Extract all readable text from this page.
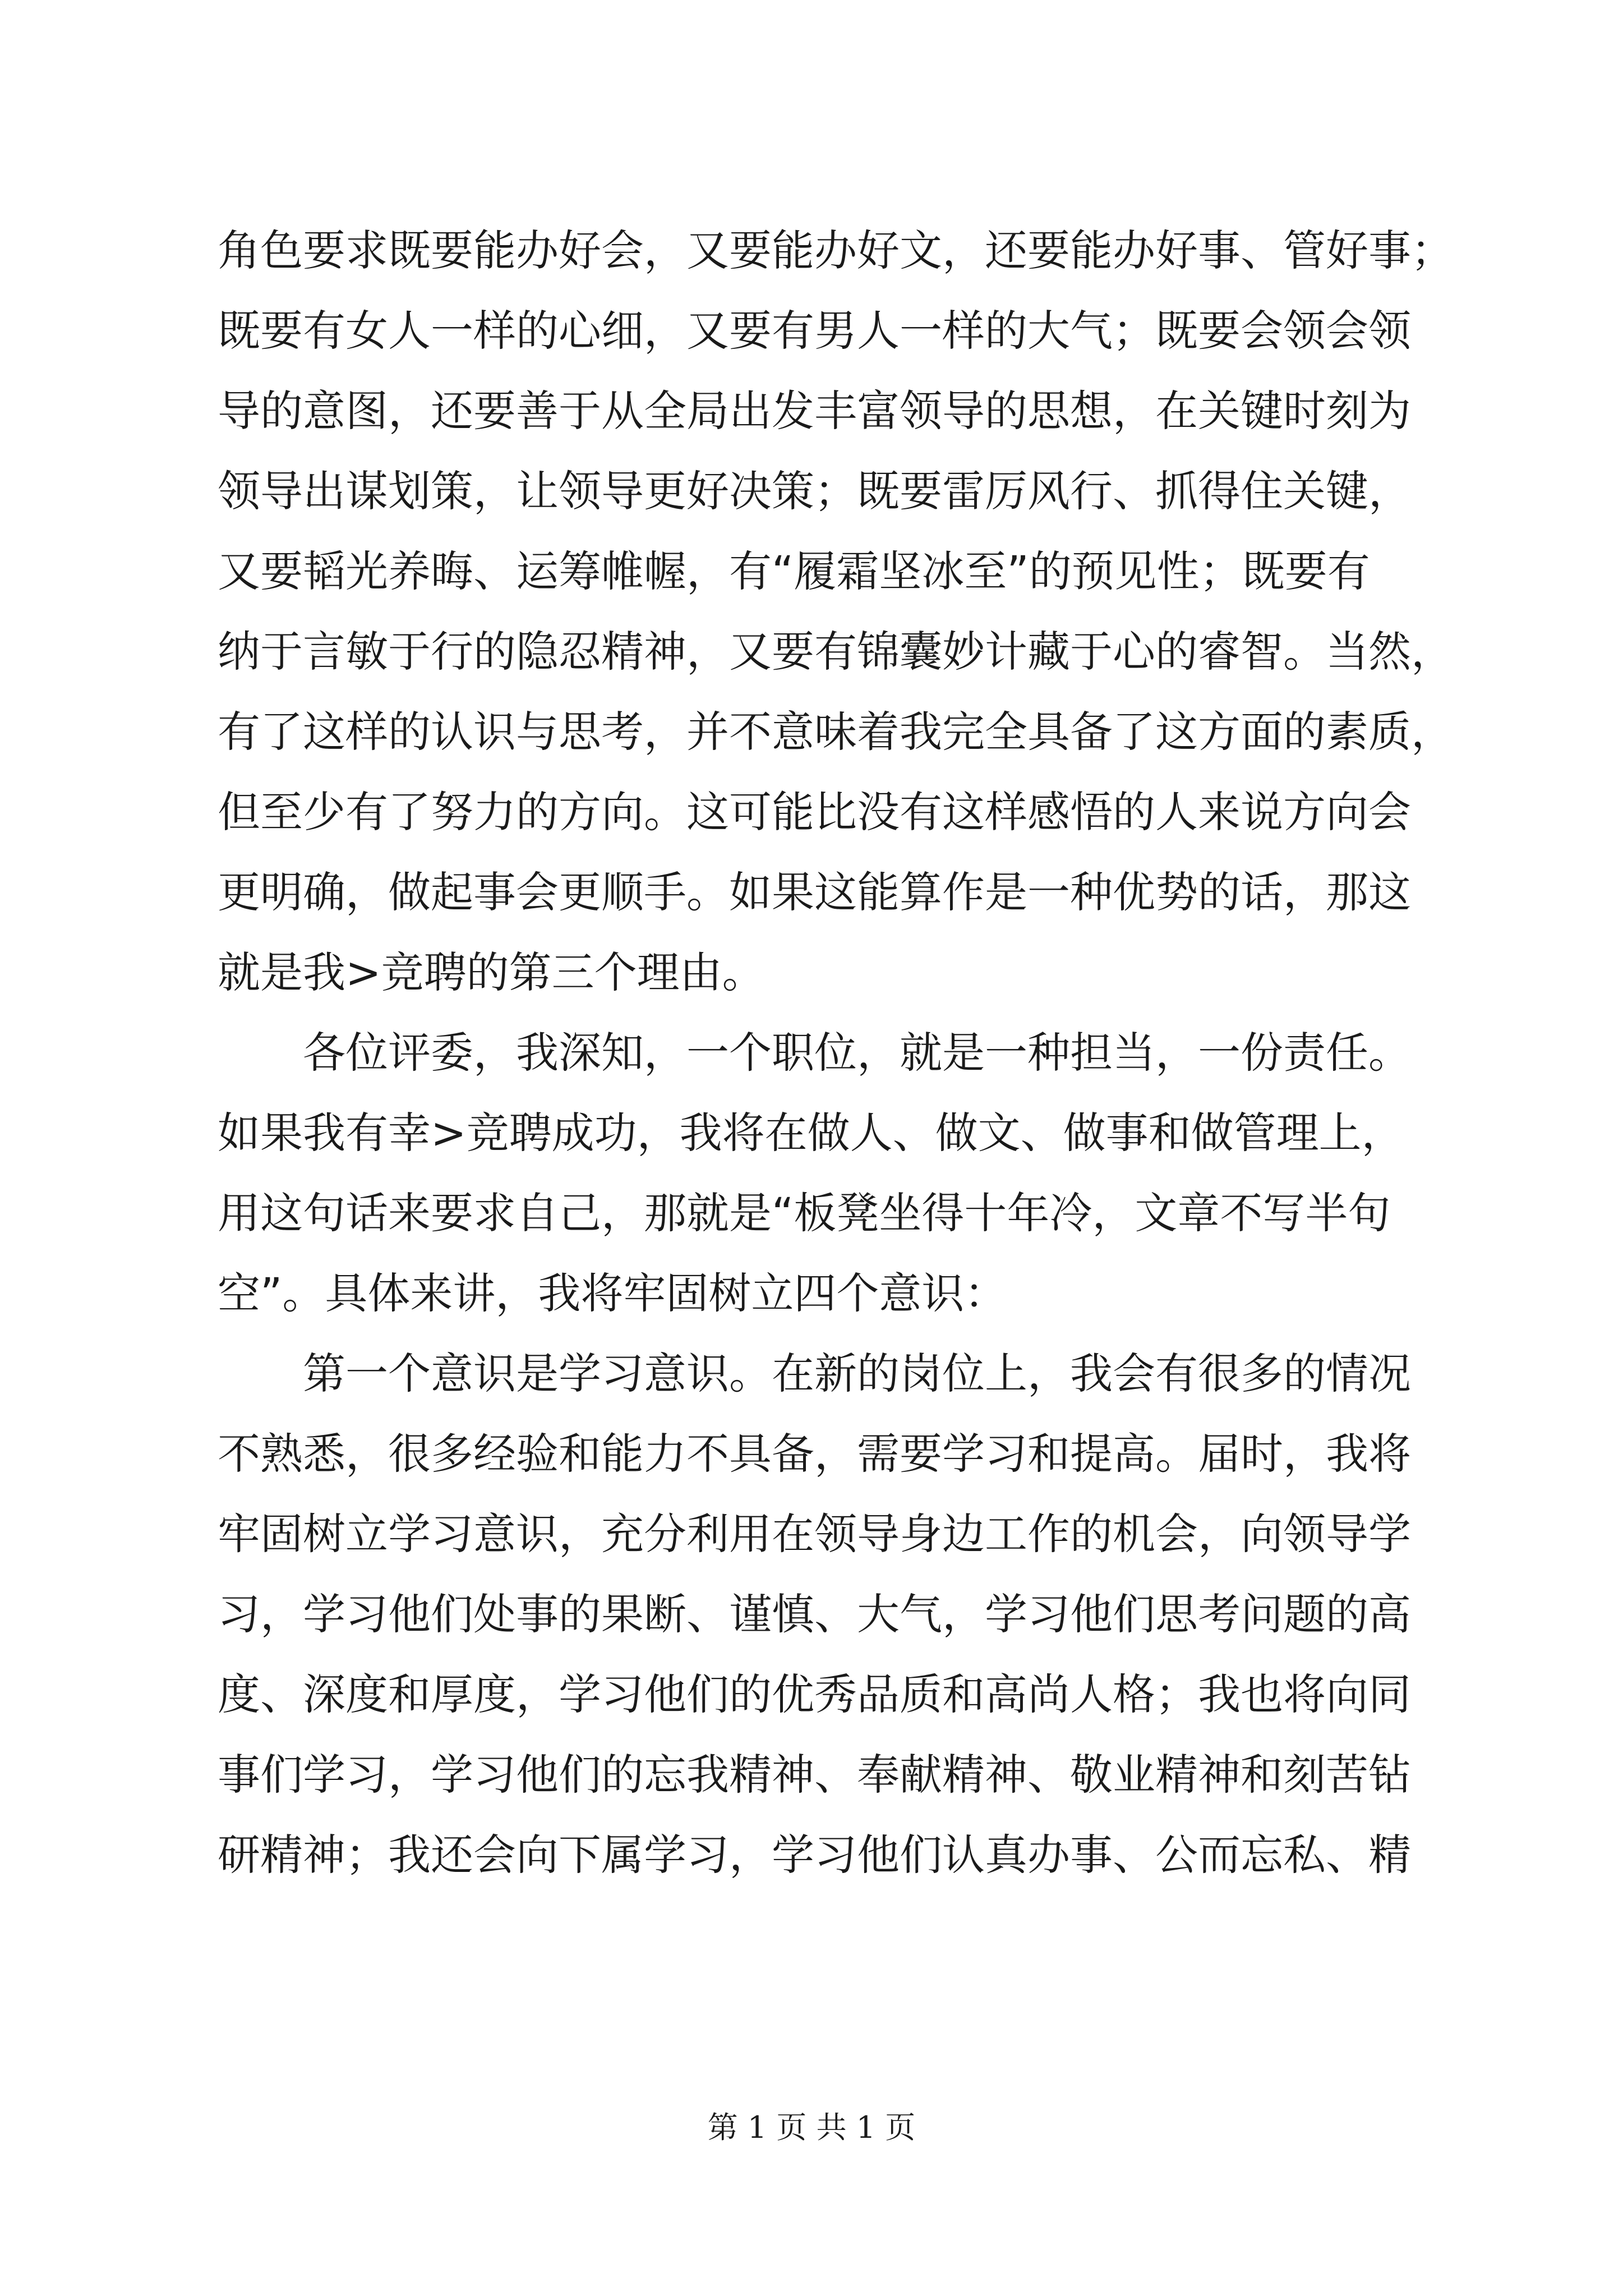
角色要求既要能办好会，又要能办好文，还要能办好事、管好事；
既要有女人一样的心细，又要有男人一样的大气；既要会领会领
导的意图，还要善于从全局出发丰富领导的思想，在关键时刻为
领导出谋划策，让领导更好决策；既要雷厉风行、抓得住关键，
又要韬光养晦、运筹帷幄，有“履霜坚冰至”的预见性；既要有
纳于言敏于行的隐忍精神，又要有锦囊妙计藏于心的睿智。当然，
有了这样的认识与思考，并不意味着我完全具备了这方面的素质，
但至少有了努力的方向。这可能比没有这样感悟的人来说方向会
更明确，做起事会更顺手。如果这能算作是一种优势的话，那这
就是我>竞聘的第三个理由。
各位评委，我深知，一个职位，就是一种担当，一份责任。
如果我有幸>竞聘成功，我将在做人、做文、做事和做管理上，
用这句话来要求自己，那就是“板凳坐得十年冷，文章不写半句
空”。具体来讲，我将牢固树立四个意识：
第一个意识是学习意识。在新的岗位上，我会有很多的情况
不熟悉，很多经验和能力不具备，需要学习和提高。届时，我将
牢固树立学习意识，充分利用在领导身边工作的机会，向领导学
习，学习他们处事的果断、谨慎、大气，学习他们思考问题的高
度、深度和厚度，学习他们的优秀品质和高尚人格；我也将向同
事们学习，学习他们的忘我精神、奉献精神、敬业精神和刻苦钻
研精神；我还会向下属学习，学习他们认真办事、公而忘私、精
第 1 页 共 1 页
